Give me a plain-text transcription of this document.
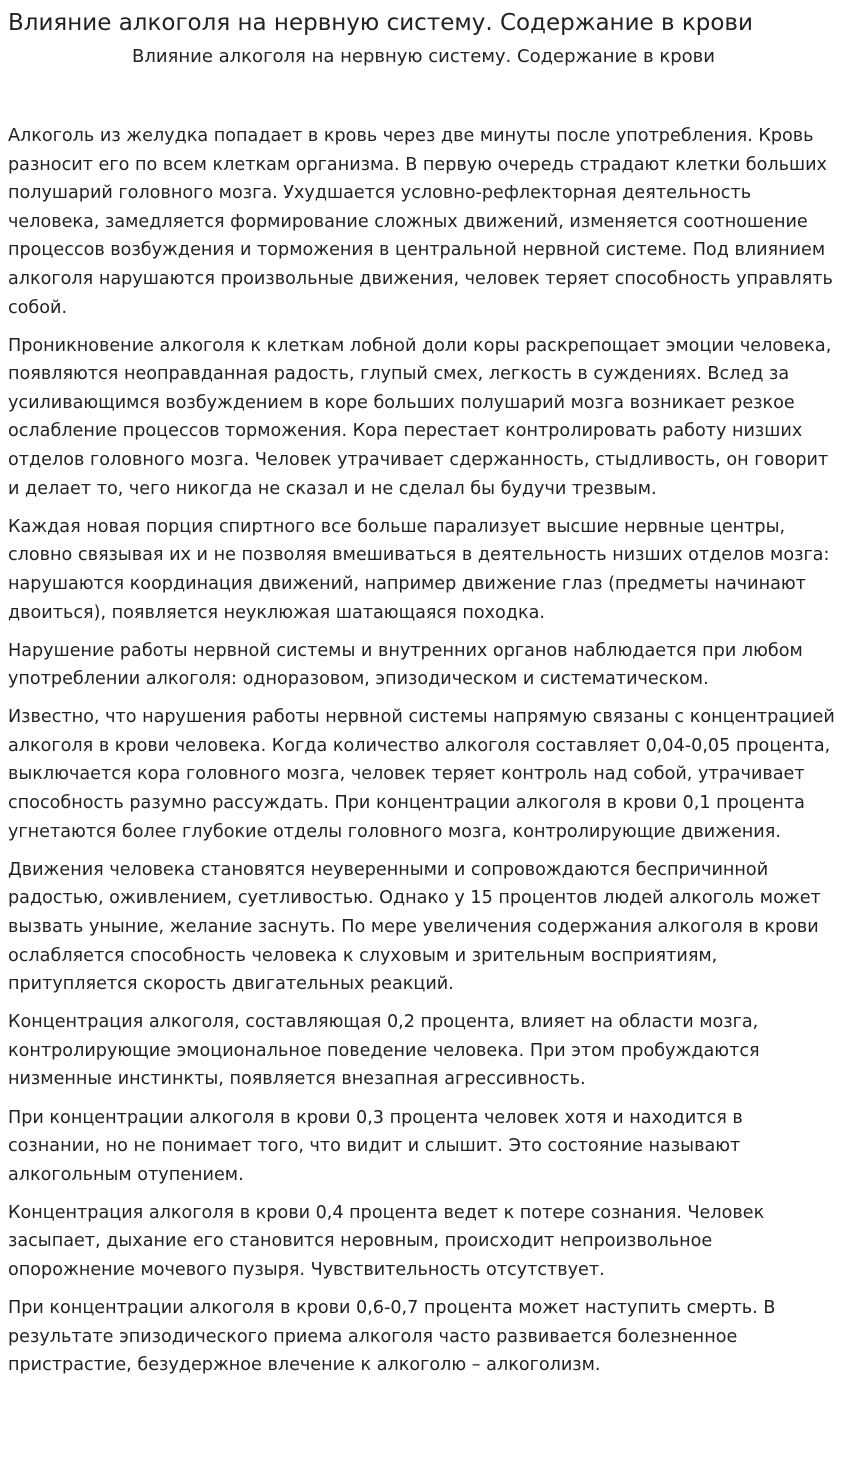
Влияние алкоголя на нервную систему. Содержание в крови
Влияние алкоголя на нервную систему. Содержание в крови

Алкоголь из желудка попадает в кровь через две минуты после употребления. Кровь разносит его по всем клеткам организма. В первую очередь страдают клетки больших полушарий головного мозга. Ухудшается условно-рефлекторная деятельность человека, замедляется формирование сложных движений, изменяется соотношение процессов возбуждения и торможения в центральной нервной системе. Под влиянием алкоголя нарушаются произвольные движения, человек теряет способность управлять собой.

Проникновение алкоголя к клеткам лобной доли коры раскрепощает эмоции человека, появляются неоправданная радость, глупый смех, легкость в суждениях. Вслед за усиливающимся возбуждением в коре больших полушарий мозга возникает резкое ослабление процессов торможения. Кора перестает контролировать работу низших отделов головного мозга. Человек утрачивает сдержанность, стыдливость, он говорит и делает то, чего никогда не сказал и не сделал бы будучи трезвым.

Каждая новая порция спиртного все больше парализует высшие нервные центры, словно связывая их и не позволяя вмешиваться в деятельность низших отделов мозга: нарушаются координация движений, например движение глаз (предметы начинают двоиться), появляется неуклюжая шатающаяся походка.

Нарушение работы нервной системы и внутренних органов наблюдается при любом употреблении алкоголя: одноразовом, эпизодическом и систематическом.

Известно, что нарушения работы нервной системы напрямую связаны с концентрацией алкоголя в крови человека. Когда количество алкоголя составляет 0,04-0,05 процента, выключается кора головного мозга, человек теряет контроль над собой, утрачивает способность разумно рассуждать. При концентрации алкоголя в крови 0,1 процента угнетаются более глубокие отделы головного мозга, контролирующие движения.

Движения человека становятся неуверенными и сопровождаются беспричинной радостью, оживлением, суетливостью. Однако у 15 процентов людей алкоголь может вызвать уныние, желание заснуть. По мере увеличения содержания алкоголя в крови ослабляется способность человека к слуховым и зрительным восприятиям, притупляется скорость двигательных реакций.

Концентрация алкоголя, составляющая 0,2 процента, влияет на области мозга, контролирующие эмоциональное поведение человека. При этом пробуждаются низменные инстинкты, появляется внезапная агрессивность.

При концентрации алкоголя в крови 0,3 процента человек хотя и находится в сознании, но не понимает того, что видит и слышит. Это состояние называют алкогольным отупением.

Концентрация алкоголя в крови 0,4 процента ведет к потере сознания. Человек засыпает, дыхание его становится неровным, происходит непроизвольное опорожнение мочевого пузыря. Чувствительность отсутствует.

При концентрации алкоголя в крови 0,6-0,7 процента может наступить смерть. В результате эпизодического приема алкоголя часто развивается болезненное пристрастие, безудержное влечение к алкоголю – алкоголизм.
